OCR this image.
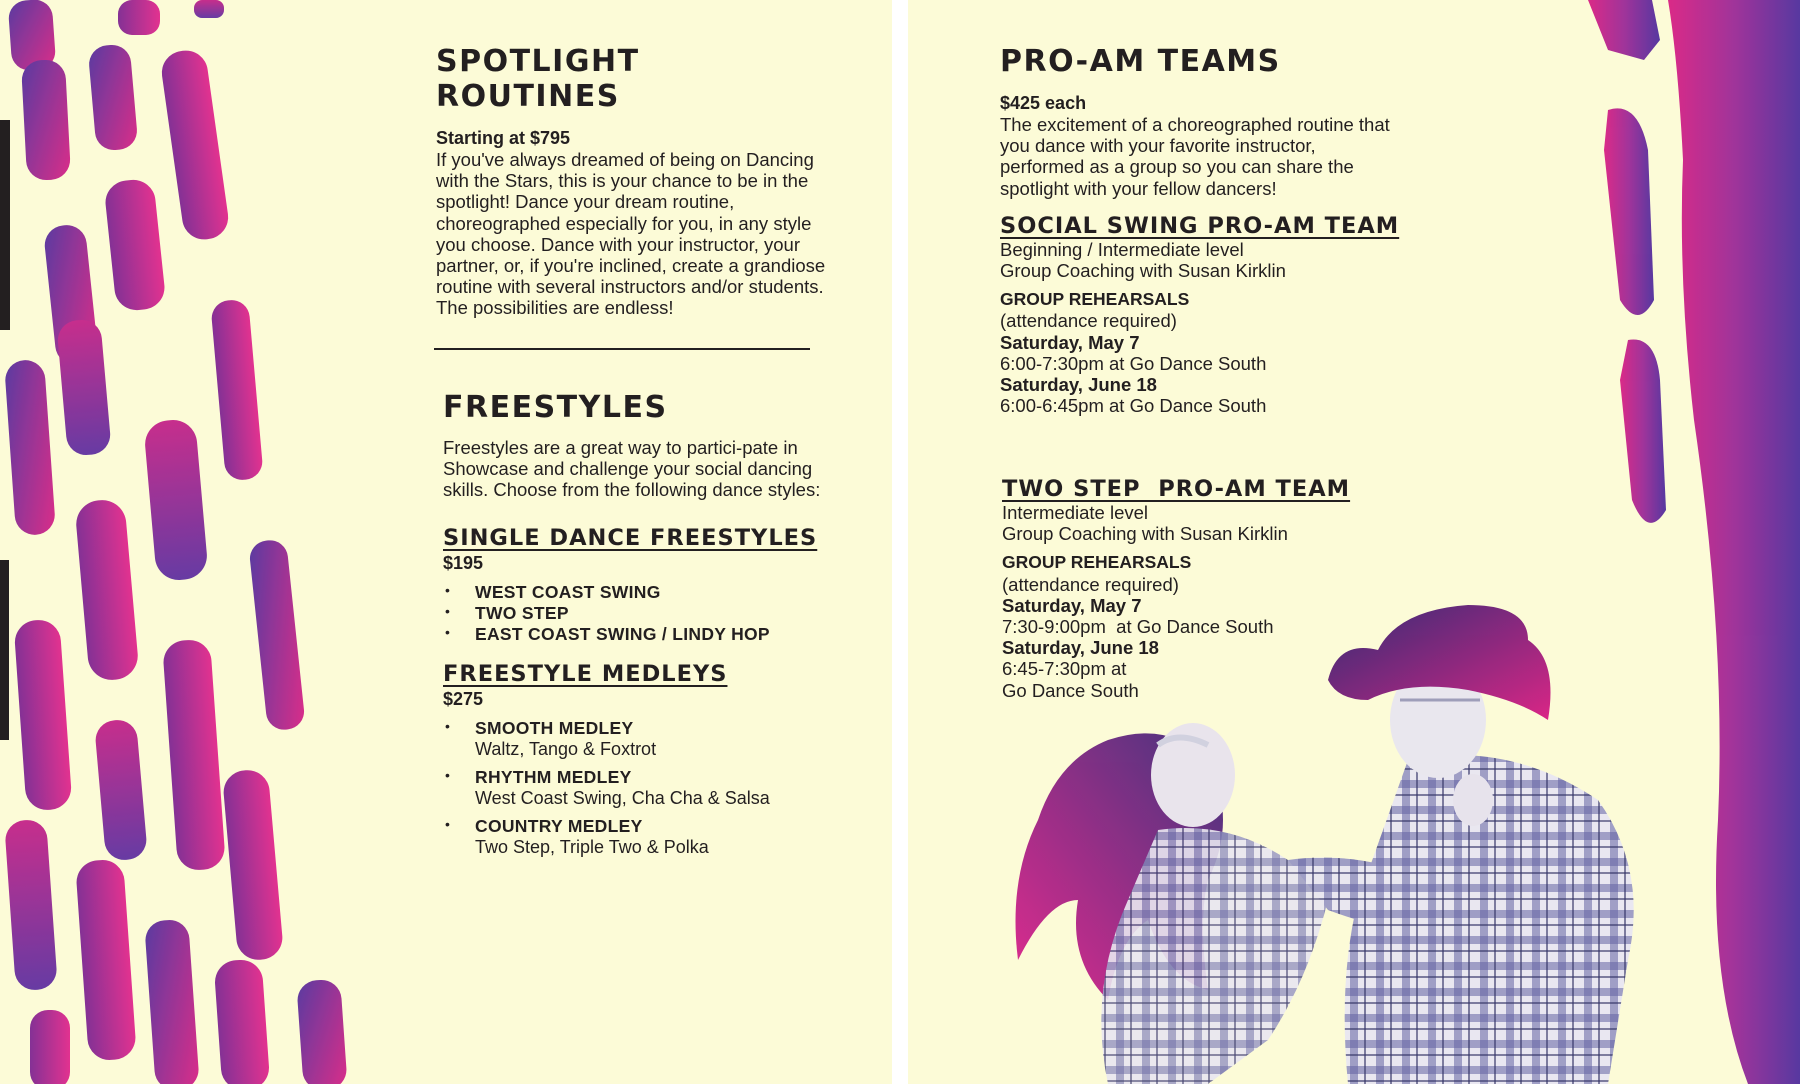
SPOTLIGHT ROUTINES
Starting at $795
If you've always dreamed of being on Dancing with the Stars, this is your chance to be in the spotlight! Dance your dream routine, choreographed especially for you, in any style you choose. Dance with your instructor, your partner, or, if you're inclined, create a grandiose routine with several instructors and/or students. The possibilities are endless!
FREESTYLES
Freestyles are a great way to partici-pate in Showcase and challenge your social dancing skills. Choose from the following dance styles:
SINGLE DANCE FREESTYLES
$195
• WEST COAST SWING
• TWO STEP
• EAST COAST SWING / LINDY HOP
FREESTYLE MEDLEYS
$275
• SMOOTH MEDLEY
Waltz, Tango & Foxtrot
• RHYTHM MEDLEY
West Coast Swing, Cha Cha & Salsa
• COUNTRY MEDLEY
Two Step, Triple Two & Polka
PRO-AM TEAMS
$425 each
The excitement of a choreographed routine that you dance with your favorite instructor, performed as a group so you can share the spotlight with your fellow dancers!
SOCIAL SWING PRO-AM TEAM
Beginning / Intermediate level
Group Coaching with Susan Kirklin
GROUP REHEARSALS
(attendance required)
Saturday, May 7
6:00-7:30pm at Go Dance South
Saturday, June 18
6:00-6:45pm at Go Dance South
TWO STEP  PRO-AM TEAM
Intermediate level
Group Coaching with Susan Kirklin
GROUP REHEARSALS
(attendance required)
Saturday, May 7
7:30-9:00pm  at Go Dance South
Saturday, June 18
6:45-7:30pm at
Go Dance South
